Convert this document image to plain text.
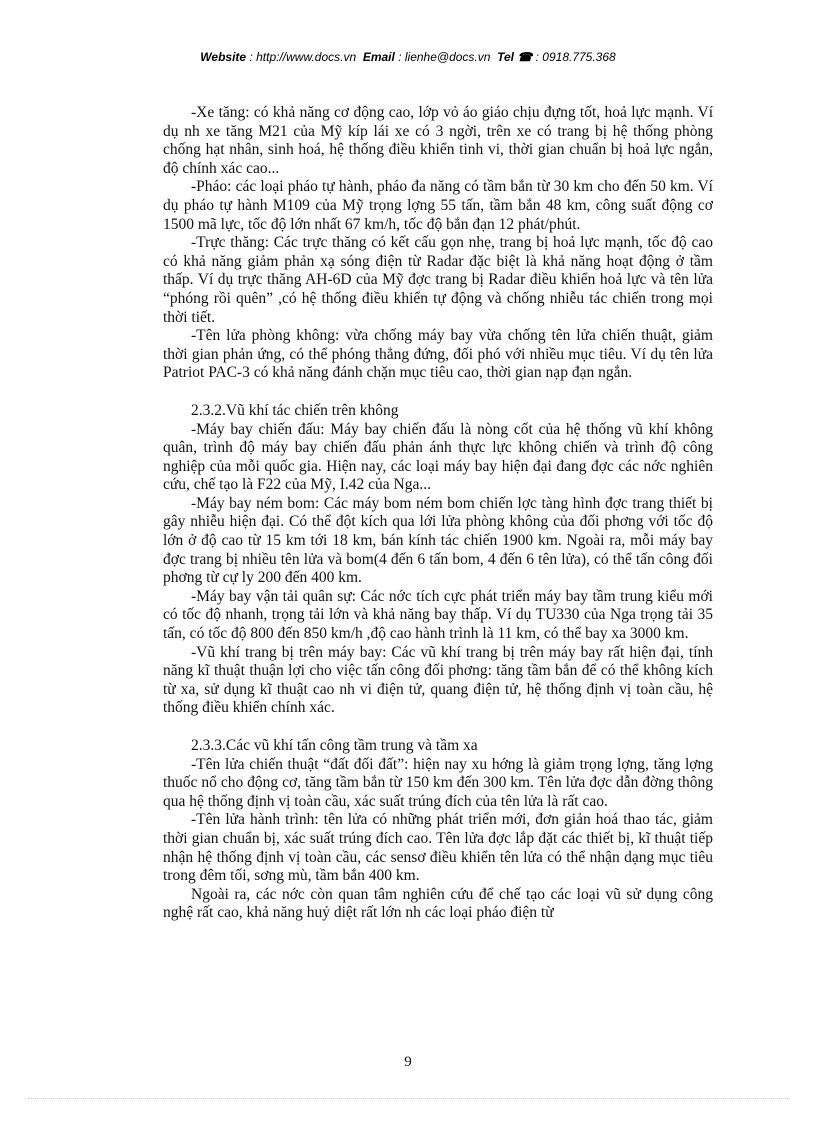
Website : http://www.docs.vn Email : lienhe@docs.vn Tel ☎ : 0918.775.368

-Xe tăng: có khả năng cơ động cao, lớp vỏ áo giáo chịu đựng tốt, hoả lực mạnh. Ví dụ nh xe tăng M21 của Mỹ kíp lái xe có 3 ngời, trên xe có trang bị hệ thống phòng chống hạt nhân, sinh hoá, hệ thống điều khiển tinh vi, thời gian chuẩn bị hoả lực ngắn, độ chính xác cao...

-Pháo: các loại pháo tự hành, pháo đa năng có tầm bắn từ 30 km cho đến 50 km. Ví dụ pháo tự hành M109 của Mỹ trọng lợng 55 tấn, tầm bắn 48 km, công suất động cơ 1500 mã lực, tốc độ lớn nhất 67 km/h, tốc độ bắn đạn 12 phát/phút.

-Trực thăng: Các trực thăng có kết cấu gọn nhẹ, trang bị hoả lực mạnh, tốc độ cao có khả năng giảm phản xạ sóng điện từ Radar đặc biệt là khả năng hoạt động ở tầm thấp. Ví dụ trực thăng AH-6D của Mỹ đợc trang bị Radar điều khiển hoả lực và tên lửa “phóng rồi quên” ,có hệ thống điều khiển tự động và chống nhiễu tác chiến trong mọi thời tiết.

-Tên lửa phòng không: vừa chống máy bay vừa chống tên lửa chiến thuật, giảm thời gian phản ứng, có thể phóng thẳng đứng, đối phó với nhiều mục tiêu. Ví dụ tên lửa Patriot PAC-3 có khả năng đánh chặn mục tiêu cao, thời gian nạp đạn ngắn.

2.3.2.Vũ khí tác chiến trên không

-Máy bay chiến đấu: Máy bay chiến đấu là nòng cốt của hệ thống vũ khí không quân, trình độ máy bay chiến đấu phản ánh thực lực không chiến và trình độ công nghiệp của mỗi quốc gia. Hiện nay, các loại máy bay hiện đại đang đợc các nớc nghiên cứu, chế tạo là F22 của Mỹ, I.42 của Nga...

-Máy bay ném bom: Các máy bom ném bom chiến lợc tàng hình đợc trang thiết bị gây nhiễu hiện đại. Có thể đột kích qua lới lửa phòng không của đối phơng với tốc độ lớn ở độ cao từ 15 km tới 18 km, bán kính tác chiến 1900 km. Ngoài ra, mỗi máy bay đợc trang bị nhiều tên lửa và bom(4 đến 6 tấn bom, 4 đến 6 tên lửa), có thể tấn công đối phơng từ cự ly 200 đến 400 km.

-Máy bay vận tải quân sự: Các nớc tích cực phát triển máy bay tầm trung kiểu mới có tốc độ nhanh, trọng tải lớn và khả năng bay thấp. Ví dụ TU330 của Nga trọng tải 35 tấn, có tốc độ 800 đến 850 km/h ,độ cao hành trình là 11 km, có thể bay xa 3000 km.

-Vũ khí trang bị trên máy bay: Các vũ khí trang bị trên máy bay rất hiện đại, tính năng kĩ thuật thuận lợi cho việc tấn công đối phơng: tăng tầm bắn để có thể không kích từ xa, sử dụng kĩ thuật cao nh vi điện tử, quang điện tử, hệ thống định vị toàn cầu, hệ thống điều khiển chính xác.

2.3.3.Các vũ khí tấn công tầm trung và tầm xa

-Tên lửa chiến thuật “đất đối đất”: hiện nay xu hớng là giảm trọng lợng, tăng lợng thuốc nổ cho động cơ, tăng tầm bắn từ 150 km đến 300 km. Tên lửa đợc dẫn đờng thông qua hệ thống định vị toàn cầu, xác suất trúng đích của tên lửa là rất cao.

-Tên lửa hành trình: tên lửa có những phát triển mới, đơn giản hoá thao tác, giảm thời gian chuẩn bị, xác suất trúng đích cao. Tên lửa đợc lắp đặt các thiết bị, kĩ thuật tiếp nhận hệ thống định vị toàn cầu, các sensơ điều khiển tên lửa có thể nhận dạng mục tiêu trong đêm tối, sơng mù, tầm bắn 400 km.

Ngoài ra, các nớc còn quan tâm nghiên cứu để chế tạo các loại vũ sử dụng công nghệ rất cao, khả năng huỷ diệt rất lớn nh các loại pháo điện từ

9
